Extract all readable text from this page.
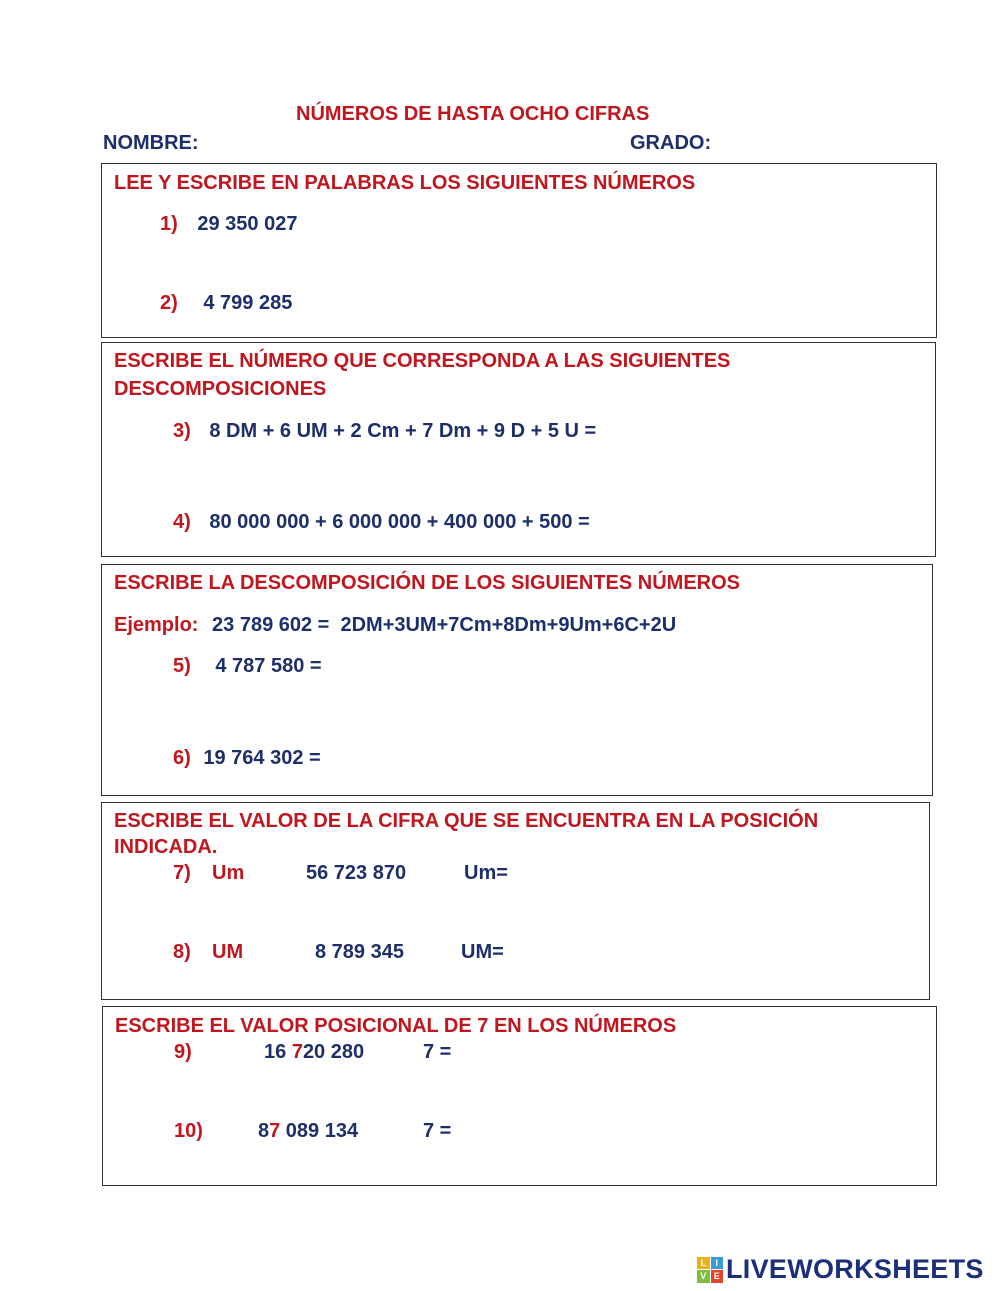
NÚMEROS DE HASTA OCHO CIFRAS
NOMBRE:	GRADO:
LEE Y ESCRIBE EN PALABRAS LOS SIGUIENTES NÚMEROS
1) 29 350 027
2) 4 799 285
ESCRIBE EL NÚMERO QUE CORRESPONDA A LAS SIGUIENTES DESCOMPOSICIONES
3) 8 DM + 6 UM + 2 Cm + 7 Dm + 9 D + 5 U =
4) 80 000 000 + 6 000 000 + 400 000 + 500 =
ESCRIBE LA DESCOMPOSICIÓN DE LOS SIGUIENTES NÚMEROS
Ejemplo: 23 789 602 =  2DM+3UM+7Cm+8Dm+9Um+6C+2U
5) 4 787 580 =
6) 19 764 302 =
ESCRIBE EL VALOR DE LA CIFRA QUE SE ENCUENTRA EN LA POSICIÓN INDICADA.
7) Um	56 723 870	Um=
8) UM	8 789 345	UM=
ESCRIBE EL VALOR POSICIONAL DE 7 EN LOS NÚMEROS
9)	16 720 280	7 =
10)	87 089 134	7 =
L	I
V E LIVEWORKSHEETS
